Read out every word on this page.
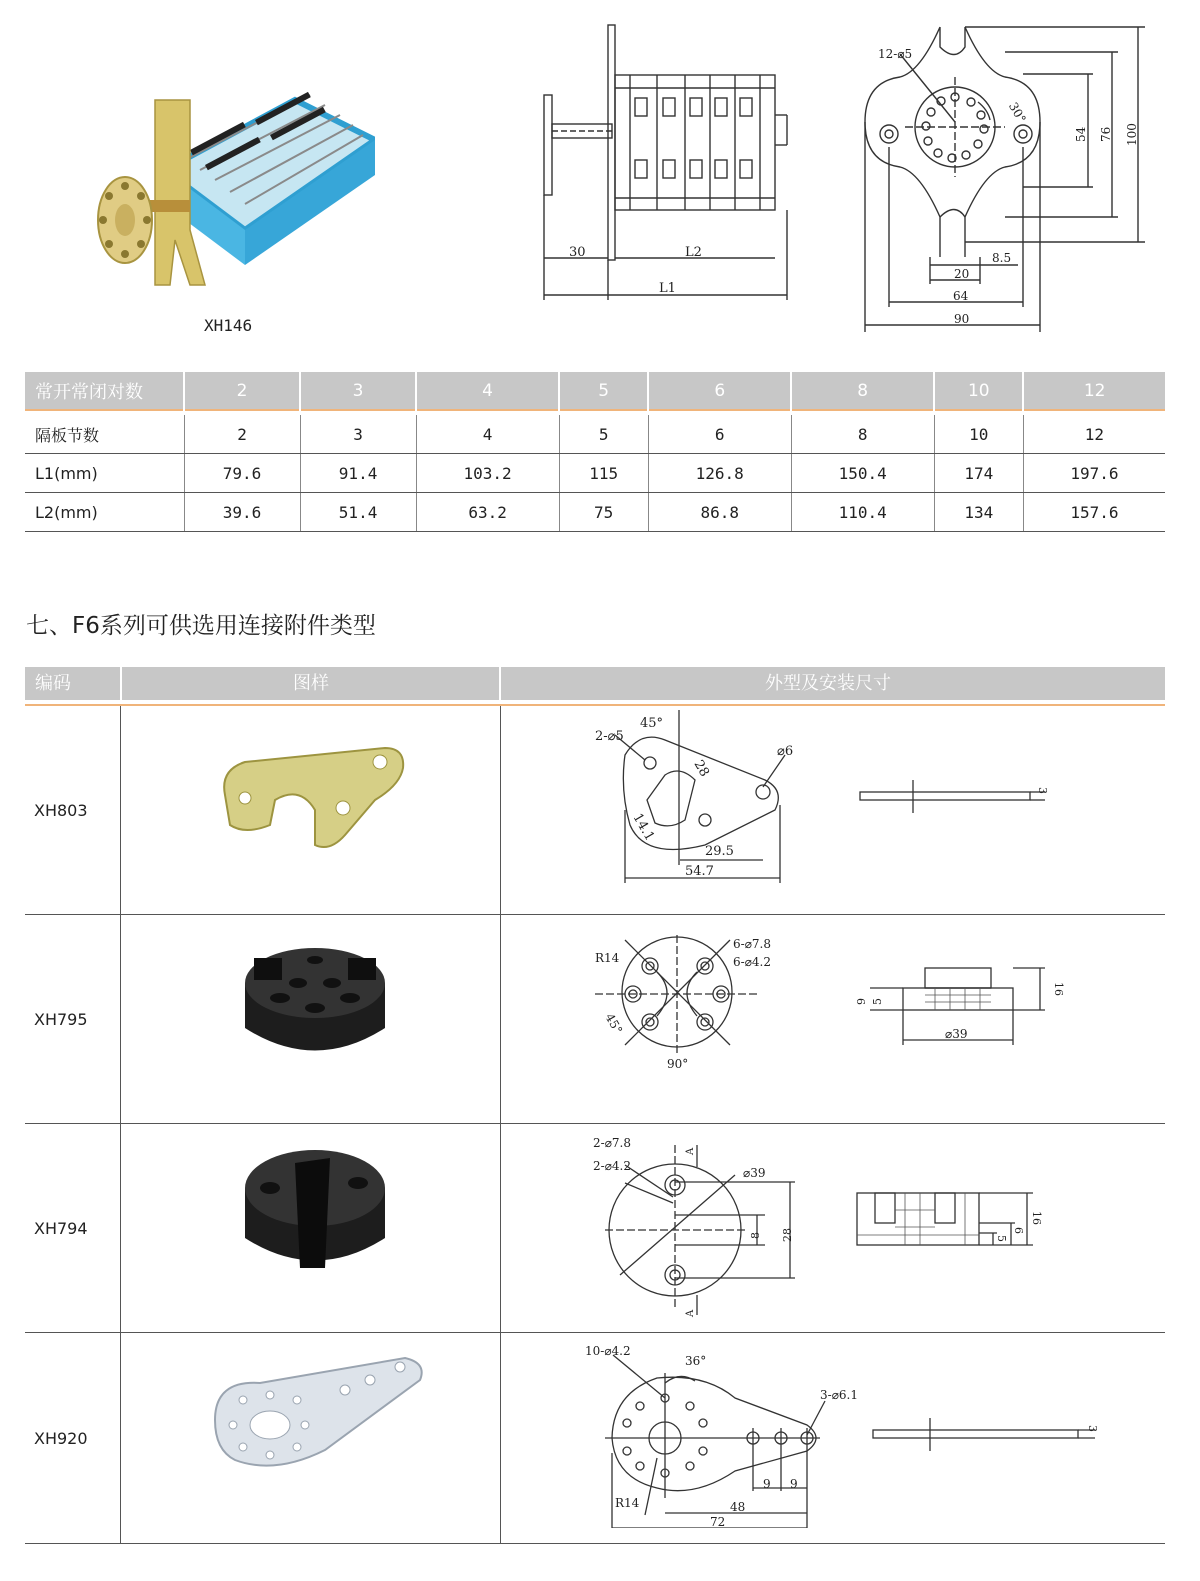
XH146
30	L2
L1
12-⌀5
30°
54 76 100
8.5
20
64
90
常开常闭对数	2	3	4	5	6	8	10	12

隔板节数	2	3	4	5	6	8	10	12
L1(mm)	79.6	91.4	103.2	115	126.8	150.4	174	197.6
L2(mm)	39.6	51.4	63.2	75	86.8	110.4	134	157.6
七、F6系列可供选用连接附件类型
编码	图样	外型及安装尺寸
XH803
2-⌀5
45°
28
⌀6
14.1
29.5
54.7
3
XH795
6-⌀7.8
6-⌀4.2
R14
45°
90°
9 5
16
⌀39
XH794
2-⌀7.8
2-⌀4.2	⌀39
A
A
8 28	6
5
16
XH920
10-⌀4.2
36°
3-⌀6.1
R14
9 9
48
72
3
